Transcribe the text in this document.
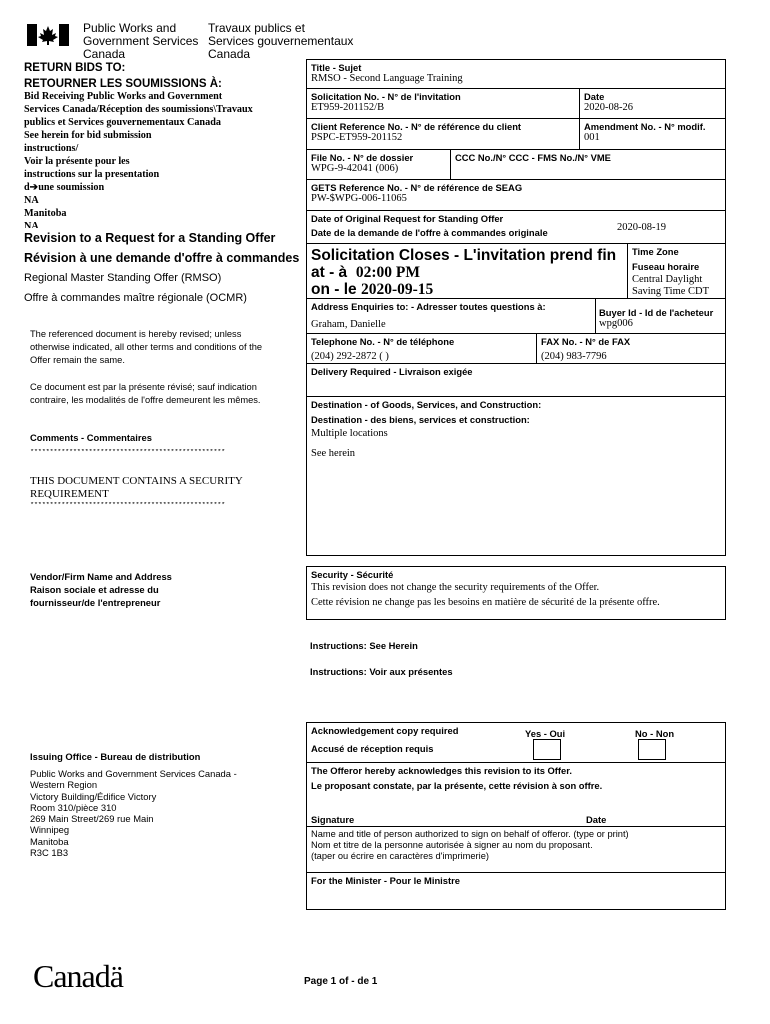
Public Works and
Government Services
Canada
Travaux publics et
Services gouvernementaux
Canada
RETURN BIDS TO:
RETOURNER LES SOUMISSIONS À:
Bid Receiving Public Works and Government
Services Canada/Réception des soumissions\Travaux
publics et Services gouvernementaux Canada
See herein for bid submission
instructions/
Voir la présente pour les
instructions sur la presentation
d➔une soumission
NA
Manitoba
NA
Revision to a Request for a Standing Offer
Révision à une demande d'offre à commandes
Regional Master Standing Offer (RMSO)
Offre à commandes maître régionale (OCMR)
The referenced document is hereby revised; unless otherwise indicated, all other terms and conditions of the Offer remain the same.
Ce document est par la présente révisé; sauf indication contraire, les modalités de l'offre demeurent les mêmes.
Comments - Commentaires
**************************************************
THIS DOCUMENT CONTAINS A SECURITY REQUIREMENT
**************************************************
Vendor/Firm Name and Address
Raison sociale et adresse du
fournisseur/de l'entrepreneur
Issuing Office - Bureau de distribution
Public Works and Government Services Canada -
Western Region
Victory Building/Édifice Victory
Room 310/pièce 310
269 Main Street/269 rue Main
Winnipeg
Manitoba
R3C 1B3
Title - Sujet
RMSO - Second Language Training
Solicitation No. - N° de l'invitation
ET959-201152/B
Date
2020-08-26
Client Reference No. - N° de référence du client
PSPC-ET959-201152
Amendment No. - N° modif.
001
File No. - N° de dossier
WPG-9-42041 (006)
CCC No./N° CCC - FMS No./N° VME
GETS Reference No. - N° de référence de SEAG
PW-$WPG-006-11065
Date of Original Request for Standing Offer
Date de la demande de l'offre à commandes originale	2020-08-19
Solicitation Closes - L'invitation prend fin
at - à 02:00 PM
on - le 2020-09-15
Time Zone
Fuseau horaire
Central Daylight
Saving Time CDT
Address Enquiries to: - Adresser toutes questions à:
Graham, Danielle
Buyer Id - Id de l'acheteur
wpg006
Telephone No. - N° de téléphone
(204) 292-2872 ( )
FAX No. - N° de FAX
(204) 983-7796
Delivery Required - Livraison exigée
Destination - of Goods, Services, and Construction:
Destination - des biens, services et construction:
Multiple locations
See herein
Security - Sécurité
This revision does not change the security requirements of the Offer.
Cette révision ne change pas les besoins en matière de sécurité de la présente offre.
Instructions: See Herein
Instructions: Voir aux présentes
Acknowledgement copy required
Accusé de réception requis
Yes - Oui	No - Non
The Offeror hereby acknowledges this revision to its Offer.
Le proposant constate, par la présente, cette révision à son offre.
Signature	Date
Name and title of person authorized to sign on behalf of offeror. (type or print)
Nom et titre de la personne autorisée à signer au nom du proposant.
(taper ou écrire en caractères d'imprimerie)
For the Minister - Pour le Ministre
Canadä	Page 1 of - de 1
